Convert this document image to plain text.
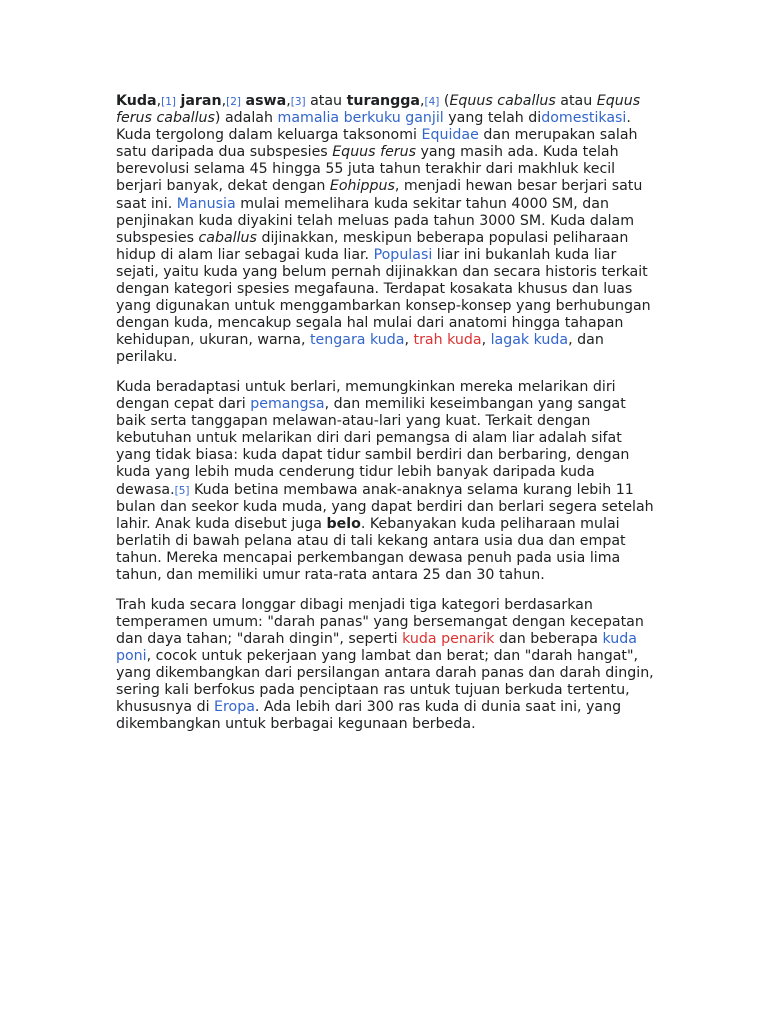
Kuda,[1] jaran,[2] aswa,[3] atau turangga,[4] (Equus caballus atau Equus ferus caballus) adalah mamalia berkuku ganjil yang telah didomestikasi. Kuda tergolong dalam keluarga taksonomi Equidae dan merupakan salah satu daripada dua subspesies Equus ferus yang masih ada. Kuda telah berevolusi selama 45 hingga 55 juta tahun terakhir dari makhluk kecil berjari banyak, dekat dengan Eohippus, menjadi hewan besar berjari satu saat ini. Manusia mulai memelihara kuda sekitar tahun 4000 SM, dan penjinakan kuda diyakini telah meluas pada tahun 3000 SM. Kuda dalam subspesies caballus dijinakkan, meskipun beberapa populasi peliharaan hidup di alam liar sebagai kuda liar. Populasi liar ini bukanlah kuda liar sejati, yaitu kuda yang belum pernah dijinakkan dan secara historis terkait dengan kategori spesies megafauna. Terdapat kosakata khusus dan luas yang digunakan untuk menggambarkan konsep-konsep yang berhubungan dengan kuda, mencakup segala hal mulai dari anatomi hingga tahapan kehidupan, ukuran, warna, tengara kuda, trah kuda, lagak kuda, dan perilaku.

Kuda beradaptasi untuk berlari, memungkinkan mereka melarikan diri dengan cepat dari pemangsa, dan memiliki keseimbangan yang sangat baik serta tanggapan melawan-atau-lari yang kuat. Terkait dengan kebutuhan untuk melarikan diri dari pemangsa di alam liar adalah sifat yang tidak biasa: kuda dapat tidur sambil berdiri dan berbaring, dengan kuda yang lebih muda cenderung tidur lebih banyak daripada kuda dewasa.[5] Kuda betina membawa anak-anaknya selama kurang lebih 11 bulan dan seekor kuda muda, yang dapat berdiri dan berlari segera setelah lahir. Anak kuda disebut juga belo. Kebanyakan kuda peliharaan mulai berlatih di bawah pelana atau di tali kekang antara usia dua dan empat tahun. Mereka mencapai perkembangan dewasa penuh pada usia lima tahun, dan memiliki umur rata-rata antara 25 dan 30 tahun.

Trah kuda secara longgar dibagi menjadi tiga kategori berdasarkan temperamen umum: "darah panas" yang bersemangat dengan kecepatan dan daya tahan; "darah dingin", seperti kuda penarik dan beberapa kuda poni, cocok untuk pekerjaan yang lambat dan berat; dan "darah hangat", yang dikembangkan dari persilangan antara darah panas dan darah dingin, sering kali berfokus pada penciptaan ras untuk tujuan berkuda tertentu, khususnya di Eropa. Ada lebih dari 300 ras kuda di dunia saat ini, yang dikembangkan untuk berbagai kegunaan berbeda.
